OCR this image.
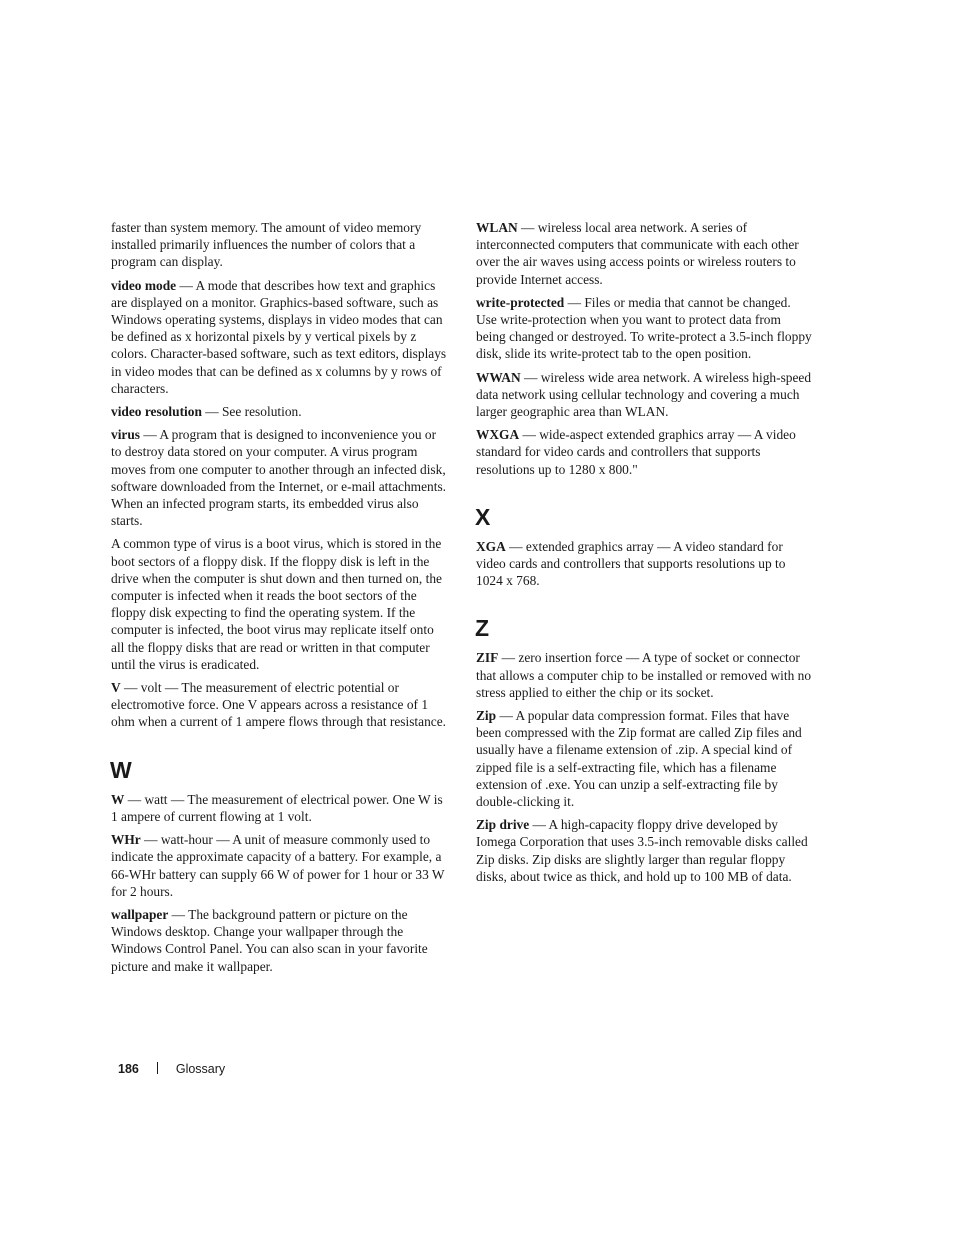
faster than system memory. The amount of video memory installed primarily influences the number of colors that a program can display.

video mode — A mode that describes how text and graphics are displayed on a monitor. Graphics-based software, such as Windows operating systems, displays in video modes that can be defined as x horizontal pixels by y vertical pixels by z colors. Character-based software, such as text editors, displays in video modes that can be defined as x columns by y rows of characters.

video resolution — See resolution.

virus — A program that is designed to inconvenience you or to destroy data stored on your computer. A virus program moves from one computer to another through an infected disk, software downloaded from the Internet, or e-mail attachments. When an infected program starts, its embedded virus also starts.

A common type of virus is a boot virus, which is stored in the boot sectors of a floppy disk. If the floppy disk is left in the drive when the computer is shut down and then turned on, the computer is infected when it reads the boot sectors of the floppy disk expecting to find the operating system. If the computer is infected, the boot virus may replicate itself onto all the floppy disks that are read or written in that computer until the virus is eradicated.

V — volt — The measurement of electric potential or electromotive force. One V appears across a resistance of 1 ohm when a current of 1 ampere flows through that resistance.

W

W — watt — The measurement of electrical power. One W is 1 ampere of current flowing at 1 volt.

WHr — watt-hour — A unit of measure commonly used to indicate the approximate capacity of a battery. For example, a 66-WHr battery can supply 66 W of power for 1 hour or 33 W for 2 hours.

wallpaper — The background pattern or picture on the Windows desktop. Change your wallpaper through the Windows Control Panel. You can also scan in your favorite picture and make it wallpaper.

WLAN — wireless local area network. A series of interconnected computers that communicate with each other over the air waves using access points or wireless routers to provide Internet access.

write-protected — Files or media that cannot be changed. Use write-protection when you want to protect data from being changed or destroyed. To write-protect a 3.5-inch floppy disk, slide its write-protect tab to the open position.

WWAN — wireless wide area network. A wireless high-speed data network using cellular technology and covering a much larger geographic area than WLAN.

WXGA — wide-aspect extended graphics array — A video standard for video cards and controllers that supports resolutions up to 1280 x 800."

X

XGA — extended graphics array — A video standard for video cards and controllers that supports resolutions up to 1024 x 768.

Z

ZIF — zero insertion force — A type of socket or connector that allows a computer chip to be installed or removed with no stress applied to either the chip or its socket.

Zip — A popular data compression format. Files that have been compressed with the Zip format are called Zip files and usually have a filename extension of .zip. A special kind of zipped file is a self-extracting file, which has a filename extension of .exe. You can unzip a self-extracting file by double-clicking it.

Zip drive — A high-capacity floppy drive developed by Iomega Corporation that uses 3.5-inch removable disks called Zip disks. Zip disks are slightly larger than regular floppy disks, about twice as thick, and hold up to 100 MB of data.

186	Glossary
